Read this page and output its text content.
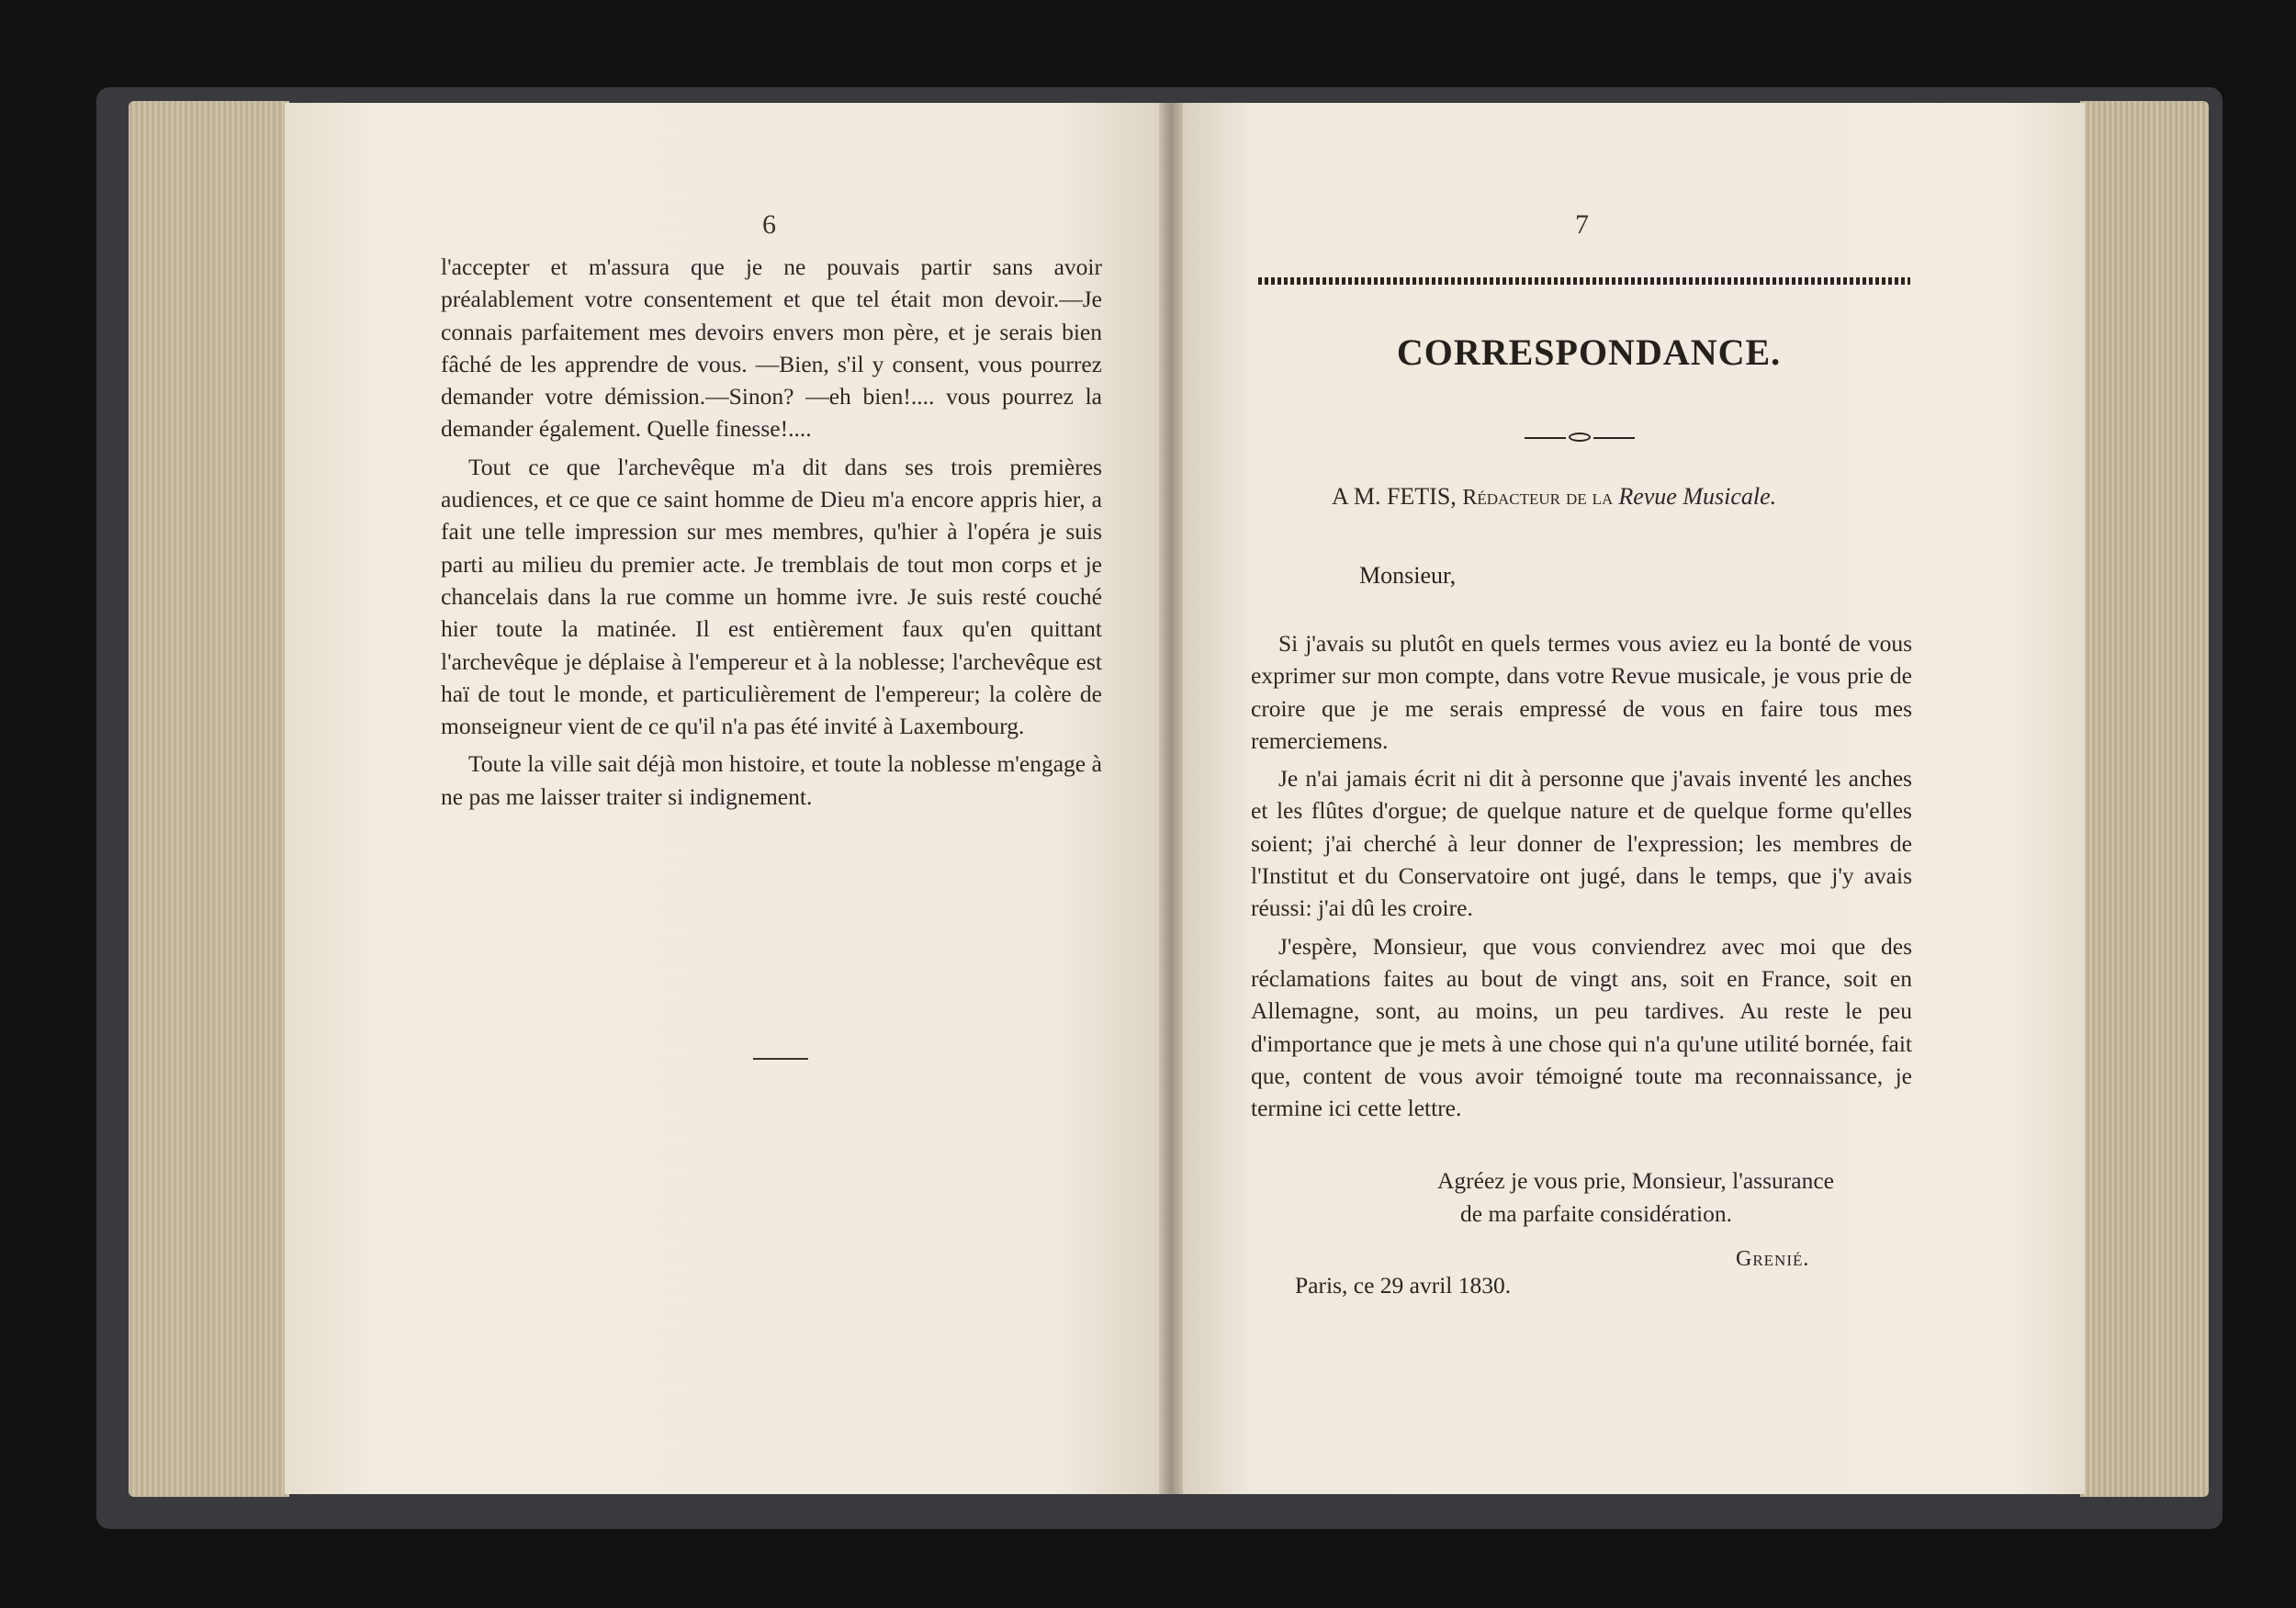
6

l'accepter et m'assura que je ne pouvais partir sans avoir préalablement votre consentement et que tel était mon devoir.—Je connais parfaitement mes devoirs envers mon père, et je serais bien fâché de les apprendre de vous. —Bien, s'il y consent, vous pourrez demander votre démission.—Sinon? —eh bien!.... vous pourrez la demander également. Quelle finesse!....

Tout ce que l'archevêque m'a dit dans ses trois premières audiences, et ce que ce saint homme de Dieu m'a encore appris hier, a fait une telle impression sur mes membres, qu'hier à l'opéra je suis parti au milieu du premier acte. Je tremblais de tout mon corps et je chancelais dans la rue comme un homme ivre. Je suis resté couché hier toute la matinée. Il est entièrement faux qu'en quittant l'archevêque je déplaise à l'empereur et à la noblesse; l'archevêque est haï de tout le monde, et particulièrement de l'empereur; la colère de monseigneur vient de ce qu'il n'a pas été invité à Laxembourg.

Toute la ville sait déjà mon histoire, et toute la noblesse m'engage à ne pas me laisser traiter si indignement.

7
CORRESPONDANCE.
A M. FETIS, Rédacteur de la Revue Musicale.
Monsieur,

Si j'avais su plutôt en quels termes vous aviez eu la bonté de vous exprimer sur mon compte, dans votre Revue musicale, je vous prie de croire que je me serais empressé de vous en faire tous mes remerciemens.

Je n'ai jamais écrit ni dit à personne que j'avais inventé les anches et les flûtes d'orgue; de quelque nature et de quelque forme qu'elles soient; j'ai cherché à leur donner de l'expression; les membres de l'Institut et du Conservatoire ont jugé, dans le temps, que j'y avais réussi: j'ai dû les croire.

J'espère, Monsieur, que vous conviendrez avec moi que des réclamations faites au bout de vingt ans, soit en France, soit en Allemagne, sont, au moins, un peu tardives. Au reste le peu d'importance que je mets à une chose qui n'a qu'une utilité bornée, fait que, content de vous avoir témoigné toute ma reconnaissance, je termine ici cette lettre.

Agréez je vous prie, Monsieur, l'assurance
de ma parfaite considération.
Grenié.
Paris, ce 29 avril 1830.
